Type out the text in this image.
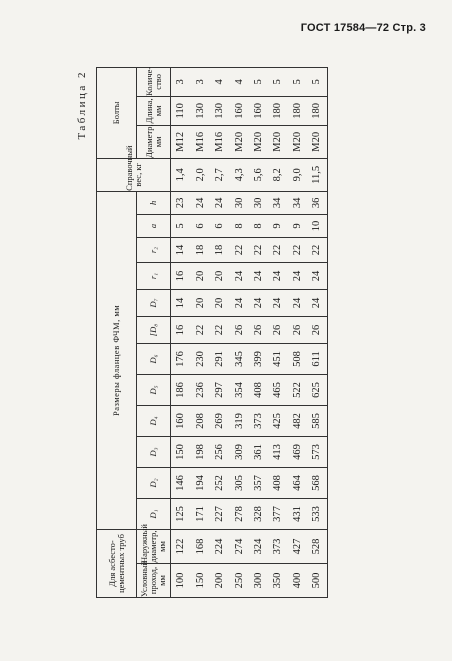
ГОСТ 17584—72 Стр. 3
Таблица 2
Для асбесто-цементных труб		Размеры фланцев ФЧМ, мм												Справочный вес, кг	Болты		
Условный проход, мм	Наружный диаметр, мм														Диаметр, мм	Длина, мм	Количе-ство
		D₁	D₂	D₃	D₄	D₅	D₆	[D₈	D₇	r₁	r₂	a	h				
100	122	125	146	150	160	186	176	16	14	16	14	5	23	1,4	М12	110	3
150	168	171	194	198	208	236	230	22	20	20	18	6	24	2,0	М16	130	3
200	224	227	252	256	269	297	291	22	20	20	18	6	24	2,7	М16	130	4
250	274	278	305	309	319	354	345	26	24	24	22	8	30	4,3	М20	160	4
300	324	328	357	361	373	408	399	26	24	24	22	8	30	5,6	М20	160	5
350	373	377	408	413	425	465	451	26	24	24	22	9	34	8,2	М20	180	5
400	427	431	464	469	482	522	508	26	24	24	22	9	34	9,0	М20	180	5
500	528	533	568	573	585	625	611	26	24	24	22	10	36	11,5	М20	180	5
